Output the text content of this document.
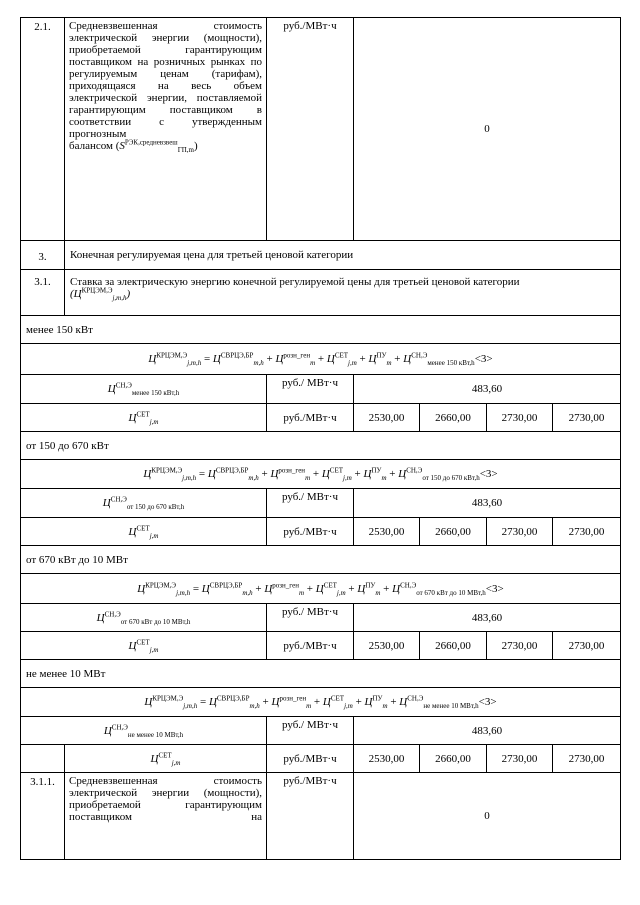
2.1.	Средневзвешенная стоимость электрической энергии (мощности), приобретаемой гарантирующим поставщиком на розничных рынках по регулируемым ценам (тарифам), приходящаяся на весь объем электрической энергии, поставляемой гарантирующим поставщиком в соответствии с утвержденным прогнозным
балансом $(S^{РЭК,средневзвеш}_{ГП,m})$	руб./МВт·ч	0			
3.	Конечная регулируемая цена для третьей ценовой категории					
3.1.	Ставка за электрическую энергию конечной регулируемой цены для третьей ценовой категории
$(Ц^{КРЦЭМ,Э}_{j,m,h})$					
менее 150 кВт						
$Ц^{КРЦЭМ,Э}_{j,m,h} = Ц^{СВРЦЭ,БР}_{m,h} + Ц^{розн\_ген}_m + Ц^{СЕТ}_{j,m} + Ц^{ПУ}_m + Ц^{СН,Э}_{менее 150 кВт,h}<3>$						
$Ц^{СН,Э}_{менее 150 кВт,h}$		руб./ МВт·ч	483,60			
$Ц^{СЕТ}_{j,m}$		руб./МВт·ч	2530,00	2660,00	2730,00	2730,00
от 150 до 670 кВт						
$Ц^{КРЦЭМ,Э}_{j,m,h} = Ц^{СВРЦЭ,БР}_{m,h} + Ц^{розн\_ген}_m + Ц^{СЕТ}_{j,m} + Ц^{ПУ}_m + Ц^{СН,Э}_{от 150 до 670 кВт,h}<3>$						
$Ц^{СН,Э}_{от 150 до 670 кВт,h}$		руб./ МВт·ч	483,60			
$Ц^{СЕТ}_{j,m}$		руб./МВт·ч	2530,00	2660,00	2730,00	2730,00
от 670 кВт до 10 МВт						
$Ц^{КРЦЭМ,Э}_{j,m,h} = Ц^{СВРЦЭ,БР}_{m,h} + Ц^{розн\_ген}_m + Ц^{СЕТ}_{j,m} + Ц^{ПУ}_m + Ц^{СН,Э}_{от 670 кВт до 10 МВт,h}<3>$						
$Ц^{СН,Э}_{от 670 кВт до 10 МВт,h}$		руб./ МВт·ч	483,60			
$Ц^{СЕТ}_{j,m}$		руб./МВт·ч	2530,00	2660,00	2730,00	2730,00
не менее 10 МВт						
$Ц^{КРЦЭМ,Э}_{j,m,h} = Ц^{СВРЦЭ,БР}_{m,h} + Ц^{розн\_ген}_m + Ц^{СЕТ}_{j,m} + Ц^{ПУ}_m + Ц^{СН,Э}_{не менее 10 МВт,h}<3>$						
$Ц^{СН,Э}_{не менее 10 МВт,h}$		руб./ МВт·ч	483,60			
	$Ц^{СЕТ}_{j,m}$	руб./МВт·ч	2530,00	2660,00	2730,00	2730,00
3.1.1.	Средневзвешенная стоимость электрической энергии (мощности), приобретаемой гарантирующим поставщиком на	руб./МВт·ч	0			
